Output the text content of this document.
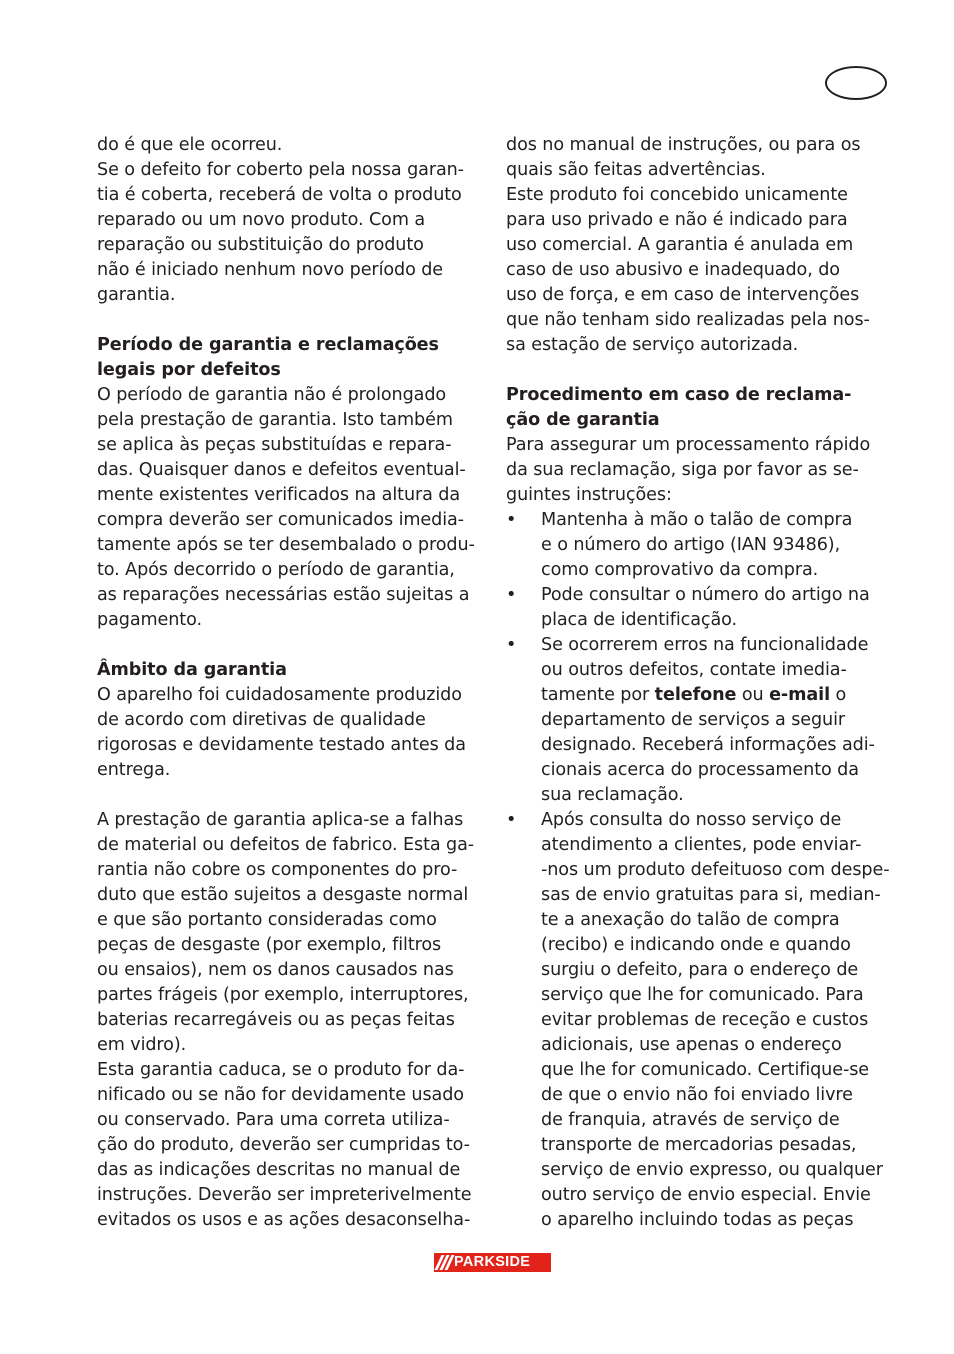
do é que ele ocorreu.
Se o defeito for coberto pela nossa garan-
tia é coberta, receberá de volta o produto
reparado ou um novo produto. Com a
reparação ou substituição do produto
não é iniciado nenhum novo período de
garantia.

Período de garantia e reclamações
legais por defeitos

O período de garantia não é prolongado
pela prestação de garantia. Isto também
se aplica às peças substituídas e repara-
das. Quaisquer danos e defeitos eventual-
mente existentes verificados na altura da
compra deverão ser comunicados imedia-
tamente após se ter desembalado o produ-
to. Após decorrido o período de garantia,
as reparações necessárias estão sujeitas a
pagamento.

Âmbito da garantia

O aparelho foi cuidadosamente produzido
de acordo com diretivas de qualidade
rigorosas e devidamente testado antes da
entrega.

A prestação de garantia aplica-se a falhas
de material ou defeitos de fabrico. Esta ga-
rantia não cobre os componentes do pro-
duto que estão sujeitos a desgaste normal
e que são portanto consideradas como
peças de desgaste (por exemplo, filtros
ou ensaios), nem os danos causados nas
partes frágeis (por exemplo, interruptores,
baterias recarregáveis ou as peças feitas
em vidro).
Esta garantia caduca, se o produto for da-
nificado ou se não for devidamente usado
ou conservado. Para uma correta utiliza-
ção do produto, deverão ser cumpridas to-
das as indicações descritas no manual de
instruções. Deverão ser impreterivelmente
evitados os usos e as ações desaconselha-

dos no manual de instruções, ou para os
quais são feitas advertências.
Este produto foi concebido unicamente
para uso privado e não é indicado para
uso comercial. A garantia é anulada em
caso de uso abusivo e inadequado, do
uso de força, e em caso de intervenções
que não tenham sido realizadas pela nos-
sa estação de serviço autorizada.

Procedimento em caso de reclama-
ção de garantia

Para assegurar um processamento rápido
da sua reclamação, siga por favor as se-
guintes instruções:

• Mantenha à mão o talão de compra
e o número do artigo (IAN 93486),
como comprovativo da compra.
• Pode consultar o número do artigo na
placa de identificação.
• Se ocorrerem erros na funcionalidade
ou outros defeitos, contate imedia-
tamente por telefone ou e-mail o
departamento de serviços a seguir
designado. Receberá informações adi-
cionais acerca do processamento da
sua reclamação.
• Após consulta do nosso serviço de
atendimento a clientes, pode enviar-
-nos um produto defeituoso com despe-
sas de envio gratuitas para si, median-
te a anexação do talão de compra
(recibo) e indicando onde e quando
surgiu o defeito, para o endereço de
serviço que lhe for comunicado. Para
evitar problemas de receção e custos
adicionais, use apenas o endereço
que lhe for comunicado. Certifique-se
de que o envio não foi enviado livre
de franquia, através de serviço de
transporte de mercadorias pesadas,
serviço de envio expresso, ou qualquer
outro serviço de envio especial. Envie
o aparelho incluindo todas as peças
PARKSIDE
